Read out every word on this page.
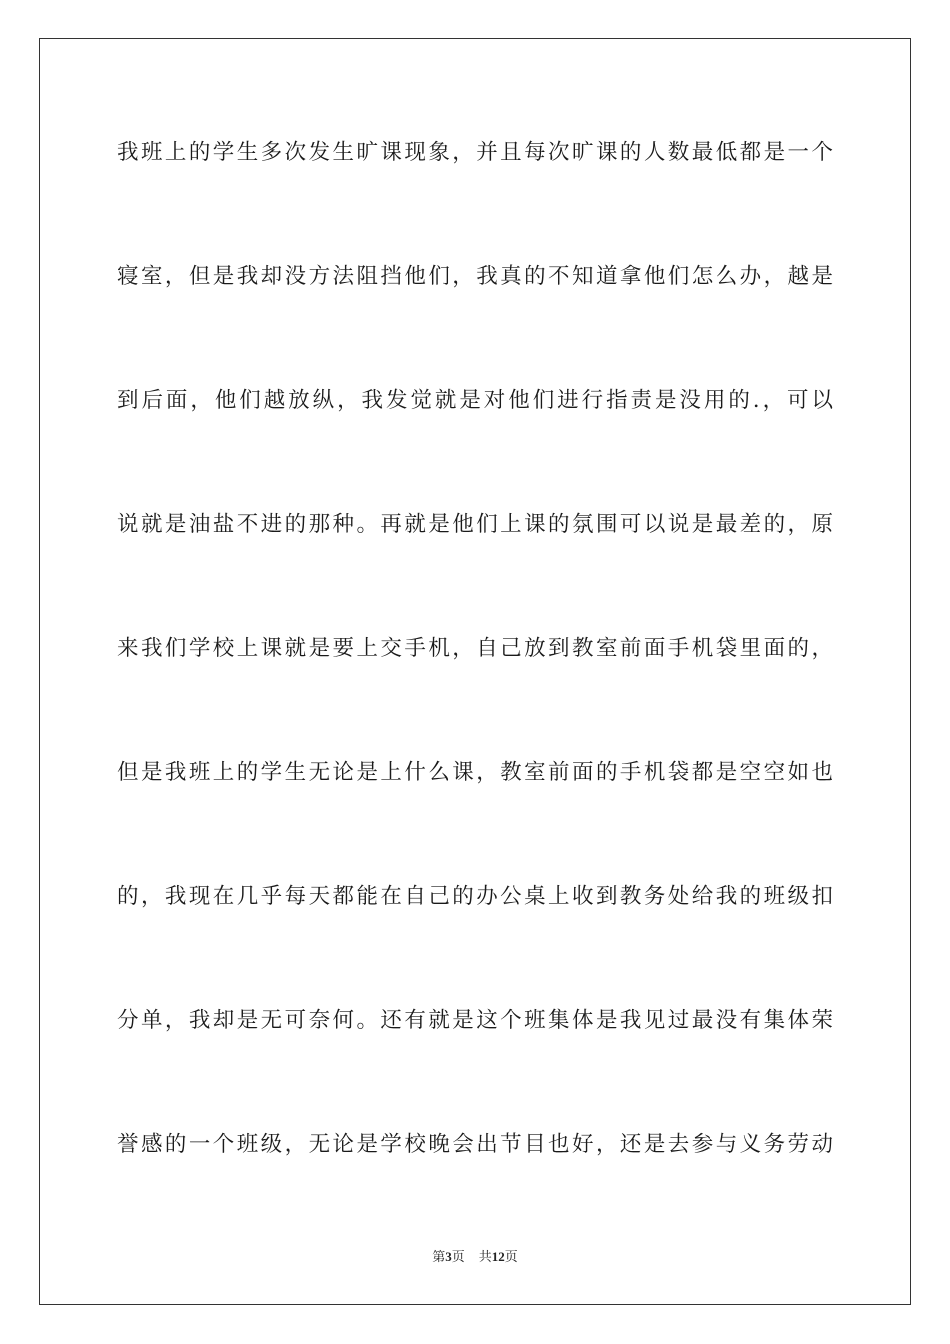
我班上的学生多次发生旷课现象，并且每次旷课的人数最低都是一个
寝室，但是我却没方法阻挡他们，我真的不知道拿他们怎么办，越是
到后面，他们越放纵，我发觉就是对他们进行指责是没用的.，可以
说就是油盐不进的那种。再就是他们上课的氛围可以说是最差的，原
来我们学校上课就是要上交手机，自己放到教室前面手机袋里面的，
但是我班上的学生无论是上什么课，教室前面的手机袋都是空空如也
的，我现在几乎每天都能在自己的办公桌上收到教务处给我的班级扣
分单，我却是无可奈何。还有就是这个班集体是我见过最没有集体荣
誉感的一个班级，无论是学校晚会出节目也好，还是去参与义务劳动
第3页 共12页
